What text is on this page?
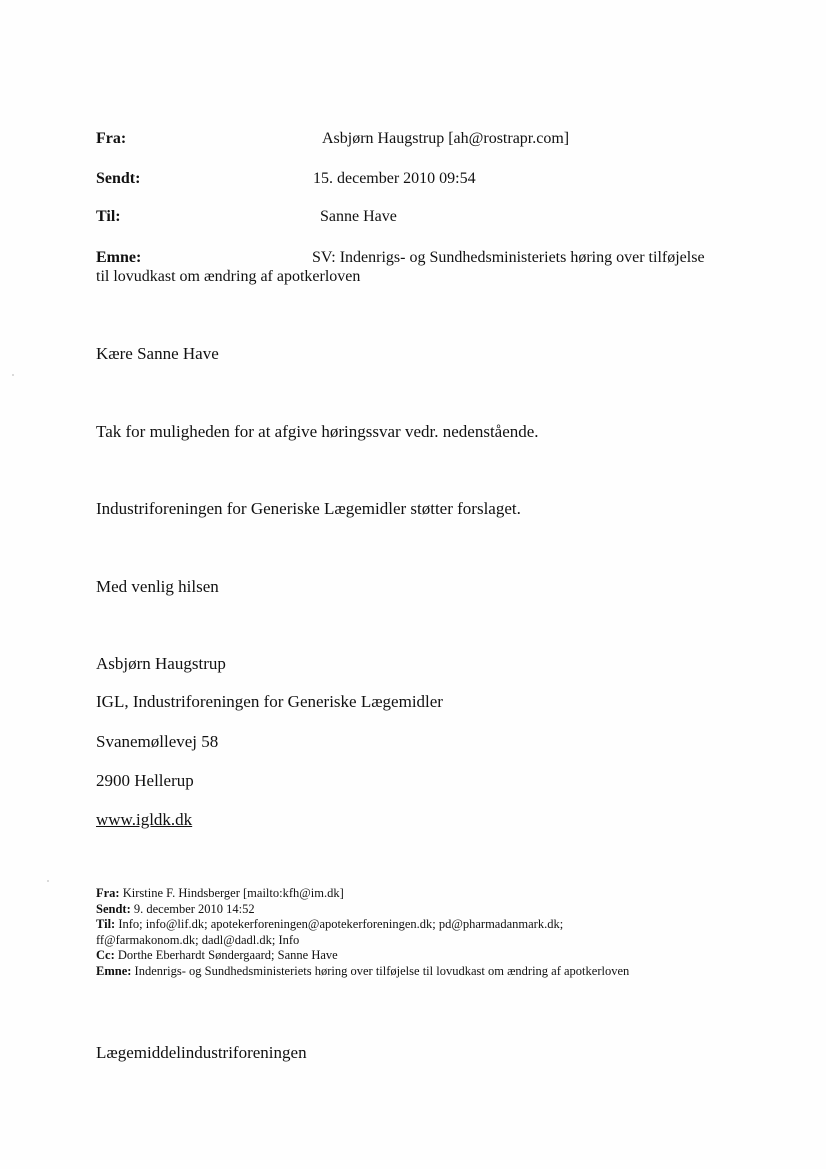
Fra:	Asbjørn Haugstrup [ah@rostrapr.com]
Sendt:	15. december 2010 09:54
Til:	Sanne Have
Emne:	SV: Indenrigs- og Sundhedsministeriets høring over tilføjelse
til lovudkast om ændring af apotkerloven
Kære Sanne Have
Tak for muligheden for at afgive høringssvar vedr. nedenstående.
Industriforeningen for Generiske Lægemidler støtter forslaget.
Med venlig hilsen
Asbjørn Haugstrup
IGL, Industriforeningen for Generiske Lægemidler
Svanemøllevej 58
2900 Hellerup
www.igldk.dk
Fra: Kirstine F. Hindsberger [mailto:kfh@im.dk]
Sendt: 9. december 2010 14:52
Til: Info; info@lif.dk; apotekerforeningen@apotekerforeningen.dk; pd@pharmadanmark.dk;
ff@farmakonom.dk; dadl@dadl.dk; Info
Cc: Dorthe Eberhardt Søndergaard; Sanne Have
Emne: Indenrigs- og Sundhedsministeriets høring over tilføjelse til lovudkast om ændring af apotkerloven
Lægemiddelindustriforeningen
